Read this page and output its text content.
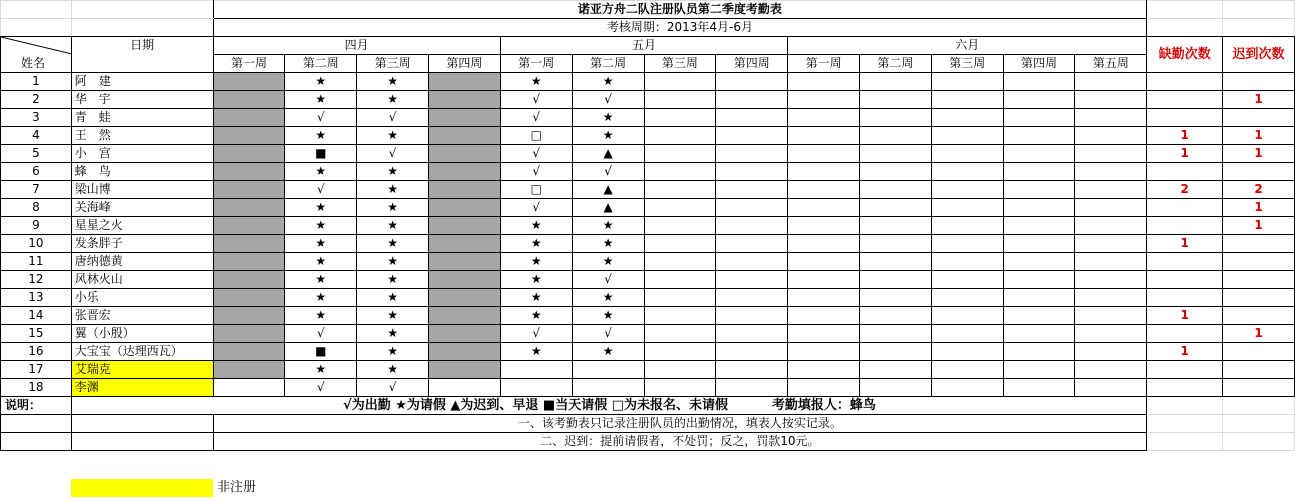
		诺亚方舟二队注册队员第二季度考勤表														
		考核周期：2013年4月-6月														

姓名	日期	四月				五月				六月					缺勤次数	迟到次数
		第一周	第二周	第三周	第四周	第一周	第二周	第三周	第四周	第一周	第二周	第三周	第四周	第五周		
1	阿　建		★	★		★	★									
2	华　宇		★	★		√	√									1
3	青　蛙		√	√		√	★									
4	王　然		★	★		□	★								1	1
5	小　宫		■	√		√	▲								1	1
6	蜂　鸟		★	★		√	√									
7	梁山博		√	★		□	▲								2	2
8	关海峰		★	★		√	▲									1
9	星星之火		★	★		★	★									1
10	发条胖子		★	★		★	★								1	
11	唐纳德黄		★	★		★	★									
12	风林火山		★	★		★	√									
13	小乐		★	★		★	★									
14	张晋宏		★	★		★	★								1	
15	翼（小殷）		√	★		√	√									1
16	大宝宝（达理西瓦）		■	★		★	★								1	
17	艾瑞克		★	★												
18	李渊		√	√												
说明：		√为出勤 ★为请假 ▲为迟到、早退 ■当天请假 □为未报名、未请假 考勤填报人：蜂鸟														
		一、该考勤表只记录注册队员的出勤情况，填表人按实记录。														
		二、迟到：提前请假者，不处罚；反之，罚款10元。														
非注册
